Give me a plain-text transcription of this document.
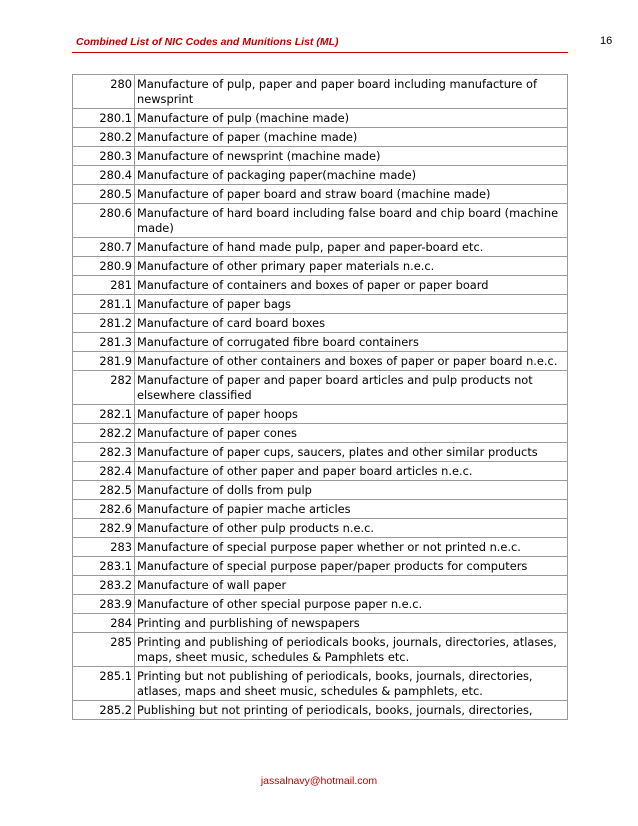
Combined List of NIC Codes and Munitions List (ML)	16
280	Manufacture of pulp, paper and paper board including manufacture of newsprint
280.1	Manufacture of pulp (machine made)
280.2	Manufacture of paper (machine made)
280.3	Manufacture of newsprint (machine made)
280.4	Manufacture of packaging paper(machine made)
280.5	Manufacture of paper board and straw board (machine made)
280.6	Manufacture of hard board including false board and chip board (machine made)
280.7	Manufacture of hand made pulp, paper and paper-board etc.
280.9	Manufacture of other primary paper materials n.e.c.
281	Manufacture of containers and boxes of paper or paper board
281.1	Manufacture of paper bags
281.2	Manufacture of card board boxes
281.3	Manufacture of corrugated fibre board containers
281.9	Manufacture of other containers and boxes of paper or paper board n.e.c.
282	Manufacture of paper and paper board articles and pulp products not elsewhere classified
282.1	Manufacture of paper hoops
282.2	Manufacture of paper cones
282.3	Manufacture of paper cups, saucers, plates and other similar products
282.4	Manufacture of other paper and paper board articles n.e.c.
282.5	Manufacture of dolls from pulp
282.6	Manufacture of papier mache articles
282.9	Manufacture of other pulp products n.e.c.
283	Manufacture of special purpose paper whether or not printed n.e.c.
283.1	Manufacture of special purpose paper/paper products for computers
283.2	Manufacture of wall paper
283.9	Manufacture of other special purpose paper n.e.c.
284	Printing and purblishing of newspapers
285	Printing and publishing of periodicals books, journals, directories, atlases, maps, sheet music, schedules & Pamphlets etc.
285.1	Printing but not publishing of periodicals, books, journals, directories, atlases, maps and sheet music, schedules & pamphlets, etc.
285.2	Publishing but not printing of periodicals, books, journals, directories,
jassalnavy@hotmail.com
